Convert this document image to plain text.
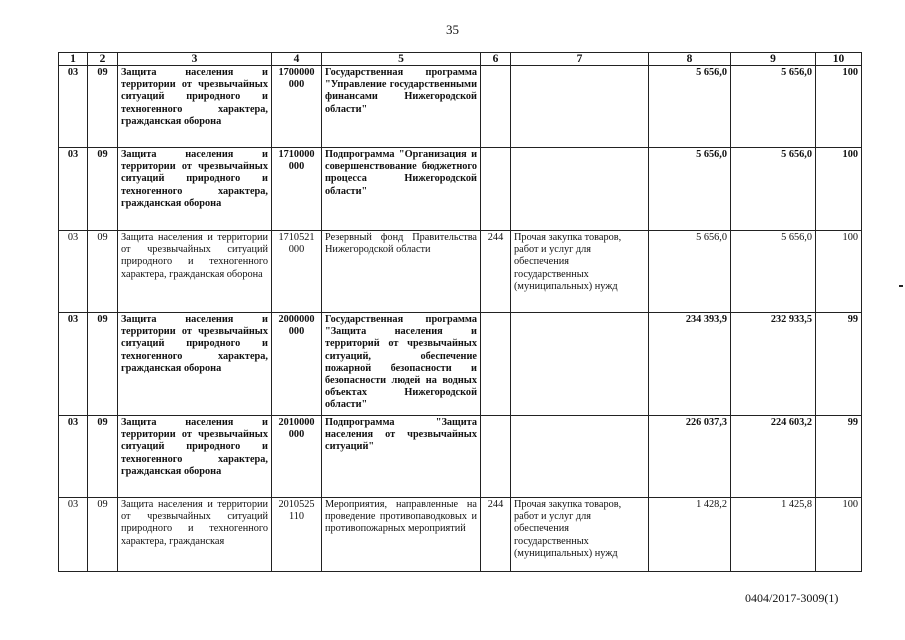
35
1	2	3	4	5	6	7	8	9	10
03	09	Защита населения и территории от чрезвычайных ситуаций природного и техногенного характера, гражданская оборона	1700000 000	Государственная программа "Управление государственными финансами Нижегородской области"			5 656,0	5 656,0	100
03	09	Защита населения и территории от чрезвычайных ситуаций природного и техногенного характера, гражданская оборона	1710000 000	Подпрограмма "Организация и совершенствование бюджетного процесса Нижегородской области"			5 656,0	5 656,0	100
03	09	Защита населения и территории от чрезвычайных ситуаций природного и техногенного характера, гражданская оборона	1710521 000	Резервный фонд Правительства Нижегородской области	244	Прочая закупка товаров, работ и услуг для обеспечения государственных (муниципальных) нужд	5 656,0	5 656,0	100
03	09	Защита населения и территории от чрезвычайных ситуаций природного и техногенного характера, гражданская оборона	2000000 000	Государственная программа "Защита населения и территорий от чрезвычайных ситуаций, обеспечение пожарной безопасности и безопасности людей на водных объектах Нижегородской области"			234 393,9	232 933,5	99
03	09	Защита населения и территории от чрезвычайных ситуаций природного и техногенного характера, гражданская оборона	2010000 000	Подпрограмма "Защита населения от чрезвычайных ситуаций"			226 037,3	224 603,2	99
03	09	Защита населения и территории от чрезвычайных ситуаций природного и техногенного характера, гражданская	2010525 110	Мероприятия, направленные на проведение противопаводковых и противопожарных мероприятий	244	Прочая закупка товаров, работ и услуг для обеспечения государственных (муниципальных) нужд	1 428,2	1 425,8	100
0404/2017-3009(1)
